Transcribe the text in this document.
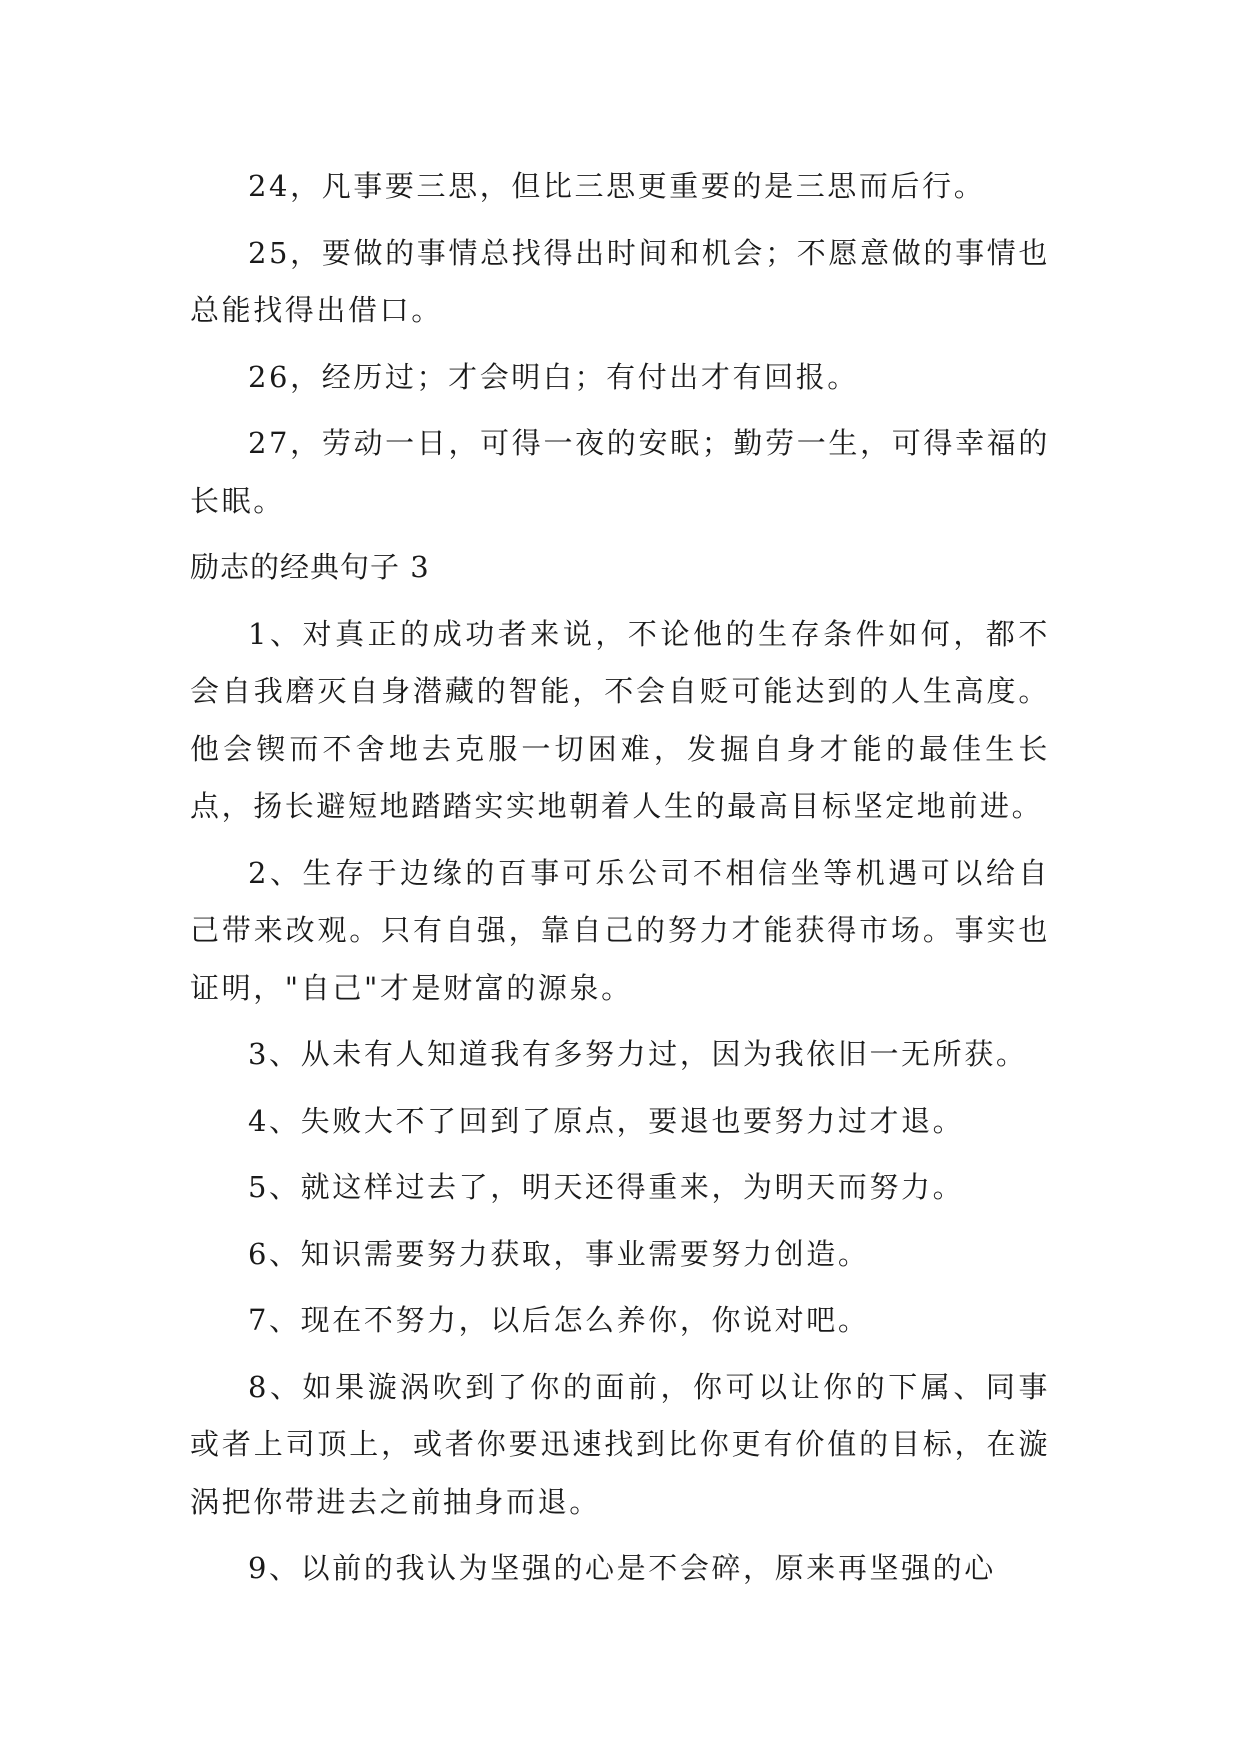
24，凡事要三思，但比三思更重要的是三思而后行。

25，要做的事情总找得出时间和机会；不愿意做的事情也总能找得出借口。

26，经历过；才会明白；有付出才有回报。

27，劳动一日，可得一夜的安眠；勤劳一生，可得幸福的长眠。

励志的经典句子 3

1、对真正的成功者来说，不论他的生存条件如何，都不会自我磨灭自身潜藏的智能，不会自贬可能达到的人生高度。他会锲而不舍地去克服一切困难，发掘自身才能的最佳生长点，扬长避短地踏踏实实地朝着人生的最高目标坚定地前进。

2、生存于边缘的百事可乐公司不相信坐等机遇可以给自己带来改观。只有自强，靠自己的努力才能获得市场。事实也证明，"自己"才是财富的源泉。

3、从未有人知道我有多努力过，因为我依旧一无所获。

4、失败大不了回到了原点，要退也要努力过才退。

5、就这样过去了，明天还得重来，为明天而努力。

6、知识需要努力获取，事业需要努力创造。

7、现在不努力，以后怎么养你，你说对吧。

8、如果漩涡吹到了你的面前，你可以让你的下属、同事或者上司顶上，或者你要迅速找到比你更有价值的目标，在漩涡把你带进去之前抽身而退。

9、以前的我认为坚强的心是不会碎，原来再坚强的心
